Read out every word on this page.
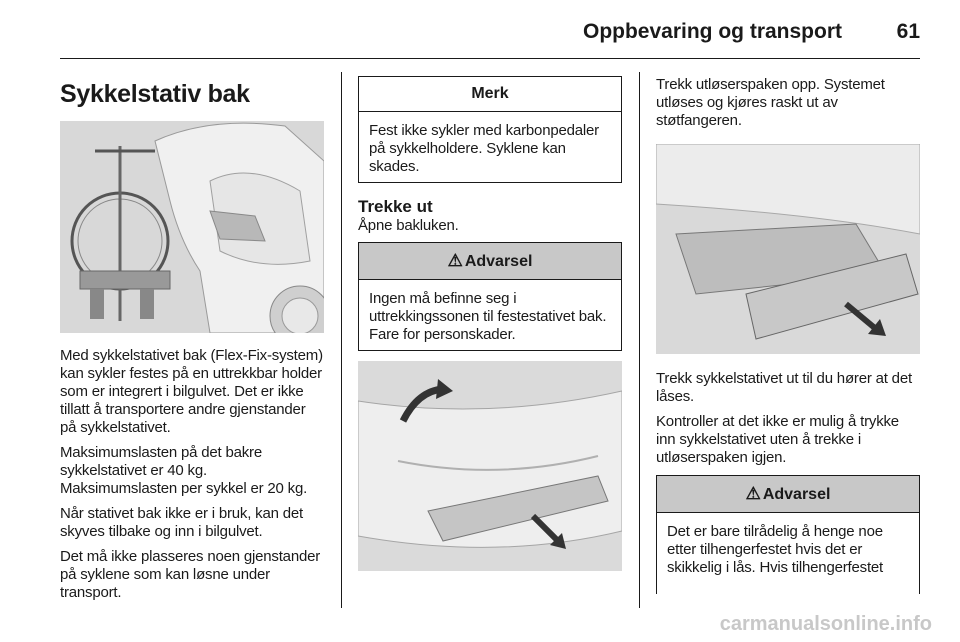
Oppbevaring og transport	61
Sykkelstativ bak

Med sykkelstativet bak (Flex-Fix-system) kan sykler festes på en uttrekkbar holder som er integrert i bilgulvet. Det er ikke tillatt å transportere andre gjenstander på sykkelstativet.

Maksimumslasten på det bakre sykkelstativet er 40 kg. Maksimumslasten per sykkel er 20 kg.

Når stativet bak ikke er i bruk, kan det skyves tilbake og inn i bilgulvet.

Det må ikke plasseres noen gjenstander på syklene som kan løsne under transport.

Merk
Fest ikke sykler med karbonpedaler på sykkelholdere. Syklene kan skades.
Trekke ut

Åpne bakluken.

⚠ Advarsel
Ingen må befinne seg i uttrekkingssonen til festestativet bak. Fare for personskader.

Trekk utløserspaken opp. Systemet utløses og kjøres raskt ut av støtfangeren.

Trekk sykkelstativet ut til du hører at det låses.

Kontroller at det ikke er mulig å trykke inn sykkelstativet uten å trekke i utløserspaken igjen.

⚠ Advarsel
Det er bare tilrådelig å henge noe etter tilhengerfestet hvis det er skikkelig i lås. Hvis tilhengerfestet
carmanualsonline.info
